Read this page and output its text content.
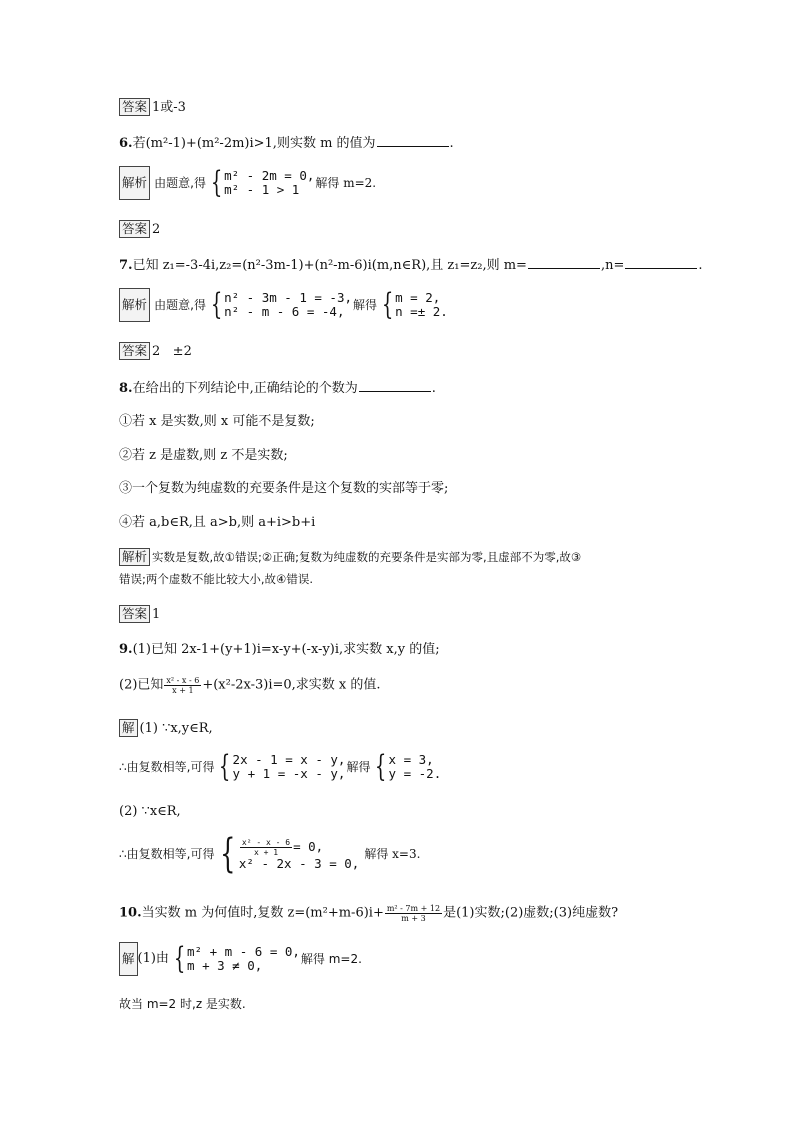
答案 1或-3
6.若(m²-1)+(m²-2m)i>1,则实数 m 的值为	.
解析 由题意,得 { m² - 2m = 0,
m² - 1 > 1	解得 m=2.
答案 2
7.已知 z₁=-3-4i,z₂=(n²-3m-1)+(n²-m-6)i(m,n∈R),且 z₁=z₂,则 m=	,n=	.
解析 由题意,得 { n² - 3m - 1 = -3,
n² - m - 6 = -4, 解得 { m = 2,
n =± 2.
答案 2   ±2
8.在给出的下列结论中,正确结论的个数为	.
①若 x 是实数,则 x 可能不是复数;
②若 z 是虚数,则 z 不是实数;
③一个复数为纯虚数的充要条件是这个复数的实部等于零;
④若 a,b∈R,且 a>b,则 a+i>b+i
解析 实数是复数,故①错误;②正确;复数为纯虚数的充要条件是实部为零,且虚部不为零,故③
错误;两个虚数不能比较大小,故④错误.
答案 1
9.(1)已知 2x-1+(y+1)i=x-y+(-x-y)i,求实数 x,y 的值;
(2)已知 $\frac{\text{x² - x - 6}}{x + 1} +(x^2-2x-3)i=0$,求实数 x 的值.
解 (1) ∵x,y∈R,
∴由复数相等,可得 { 2x - 1 = x - y,
y + 1 = -x - y, 解得 { x = 3,
y = -2.
(2) ∵x∈R,
∴由复数相等,可得 { $\frac{\text{x² - x - 6}}{x + 1} = 0$,
x² - 2x - 3 = 0,
解得 x=3.
10.当实数 m 为何值时,复数 $z=(m^2+m-6)i+ \frac{\text{m² - 7m + 12}}{m + 3}$ 是(1)实数;(2)虚数;(3)纯虚数?
解 (1)由 { m² + m - 6 = 0,
m + 3 ≠ 0,	解得 m=2.
故当 m=2 时,z 是实数.
